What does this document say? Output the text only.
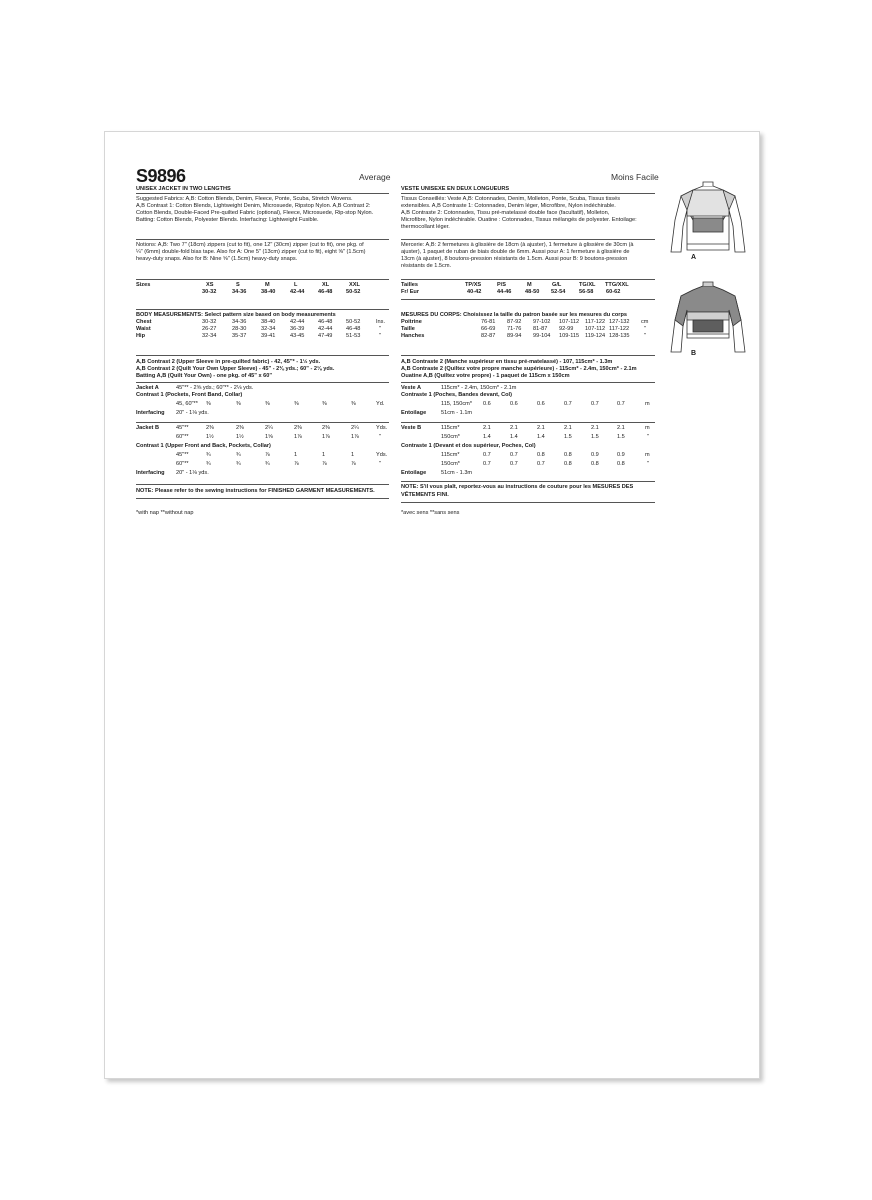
S9896	Average	Moins Facile
UNISEX JACKET IN TWO LENGTHS
Suggested Fabrics: A,B: Cotton Blends, Denim, Fleece, Ponte, Scuba, Stretch Wovens.
A,B Contrast 1: Cotton Blends, Lightweight Denim, Microsuede, Ripstop Nylon. A,B Contrast 2:
Cotton Blends, Double-Faced Pre-quilted Fabric (optional), Fleece, Microsuede, Rip-stop Nylon.
Batting: Cotton Blends, Polyester Blends. Interfacing: Lightweight Fusible.
Notions: A,B: Two 7" (18cm) zippers (cut to fit), one 12" (30cm) zipper (cut to fit), one pkg. of
¼" (6mm) double-fold bias tape. Also for A: One 5" (13cm) zipper (cut to fit), eight ⅝" (1.5cm)
heavy-duty snaps. Also for B: Nine ⅝" (1.5cm) heavy-duty snaps.
Sizes	XS	S	M	L	XL	XXL
30-32	34-36	38-40	42-44 46-48 50-52
BODY MEASUREMENTS: Select pattern size based on body measurements
Chest	30-32	34-36	38-40	42-44 46-48 50-52	Ins.
Waist	26-27	28-30	32-34	36-39 42-44 46-48	"
Hip	32-34	35-37	39-41	43-45 47-49 51-53	"
A,B Contrast 2 (Upper Sleeve in pre-quilted fabric) - 42, 45"* - 1½ yds.
A,B Contrast 2 (Quilt Your Own Upper Sleeve) - 45" - 2⅜ yds.; 60" - 2⅛ yds.
Batting A,B (Quilt Your Own) - one pkg. of 45" x 60"
Jacket A	45"** - 2⅝ yds.; 60"** - 2⅛ yds.
Contrast 1 (Pockets, Front Band, Collar)
45, 60"** ⅜	⅜	⅜	⅜	⅜	⅜	Yd.
Interfacing 20" - 1⅛ yds.
Jacket B	45"**	2⅜	2⅜	2¼	2⅜	2⅜	2¼	Yds.
60"**	1½	1½	1⅝	1⅞	1⅞	1⅞	"
Contrast 1 (Upper Front and Back, Pockets, Collar)
45"**	¾	¾	⅞	1	1	1	Yds.
60"**	¾	¾	¾	⅞	⅞	⅞	"
Interfacing 20" - 1⅛ yds.
NOTE: Please refer to the sewing instructions for FINISHED GARMENT MEASUREMENTS.
*with nap **without nap
VESTE UNISEXE EN DEUX LONGUEURS
Tissus Conseillés: Veste A,B: Cotonnades, Denim, Molleton, Ponte, Scuba, Tissus tissés
extensibles. A,B Contraste 1: Cotonnades, Denim léger, Microfibre, Nylon indéchirable.
A,B Contraste 2: Cotonnades, Tissu pré-matelassé double face (facultatif), Molleton,
Microfibre, Nylon indéchirable. Ouatine : Cotonnades, Tissus mélangés de polyester. Entoilage:
thermocollant léger.
Mercerie: A,B: 2 fermetures à glissière de 18cm (à ajuster), 1 fermeture à glissière de 30cm (à
ajuster), 1 paquet de ruban de biais double de 6mm. Aussi pour A: 1 fermeture à glissière de
13cm (à ajuster), 8 boutons-pression résistants de 1.5cm. Aussi pour B: 9 boutons-pression
résistants de 1.5cm.
Tailles	TP/XS	P/S	M	G/L	TG/XL TTG/XXL
Fr/ Eur	40-42	44-46 48-50 52-54 56-58 60-62
MESURES DU CORPS: Choisissez la taille du patron basée sur les mesures du corps
Poitrine	76-81 87-92 97-102 107-112 117-122 127-132 cm
Taille	66-69 71-76 81-87 92-99 107-112 117-122	"
Hanches	82-87 89-94 99-104 109-115 119-124 128-135	"
A,B Contraste 2 (Manche supérieur en tissu pré-matelassé) - 107, 115cm* - 1.3m
A,B Contraste 2 (Quiltez votre propre manche supérieure) - 115cm* - 2.4m, 150cm* - 2.1m
Ouatine A,B (Quiltez votre propre) - 1 paquet de 115cm x 150cm
Veste A	115cm* - 2.4m, 150cm* - 2.1m
Contraste 1 (Poches, Bandes devant, Col)
115, 150cm* 0.6	0.6	0.6	0.7	0.7	0.7	m
Entoilage	51cm - 1.1m
Veste B	115cm*	2.1	2.1	2.1	2.1	2.1	2.1	m
150cm*	1.4	1.4	1.4	1.5	1.5	1.5	"
Contraste 1 (Devant et dos supérieur, Poches, Col)
115cm*	0.7	0.7	0.8	0.8	0.9	0.9	m
150cm*	0.7	0.7	0.7	0.8	0.8	0.8	"
Entoilage	51cm - 1.3m
NOTE: S'il vous plaît, reportez-vous au instructions de couture pour les MESURES DES
VÊTEMENTS FINI.
*avec sens **sans sens
A
B
